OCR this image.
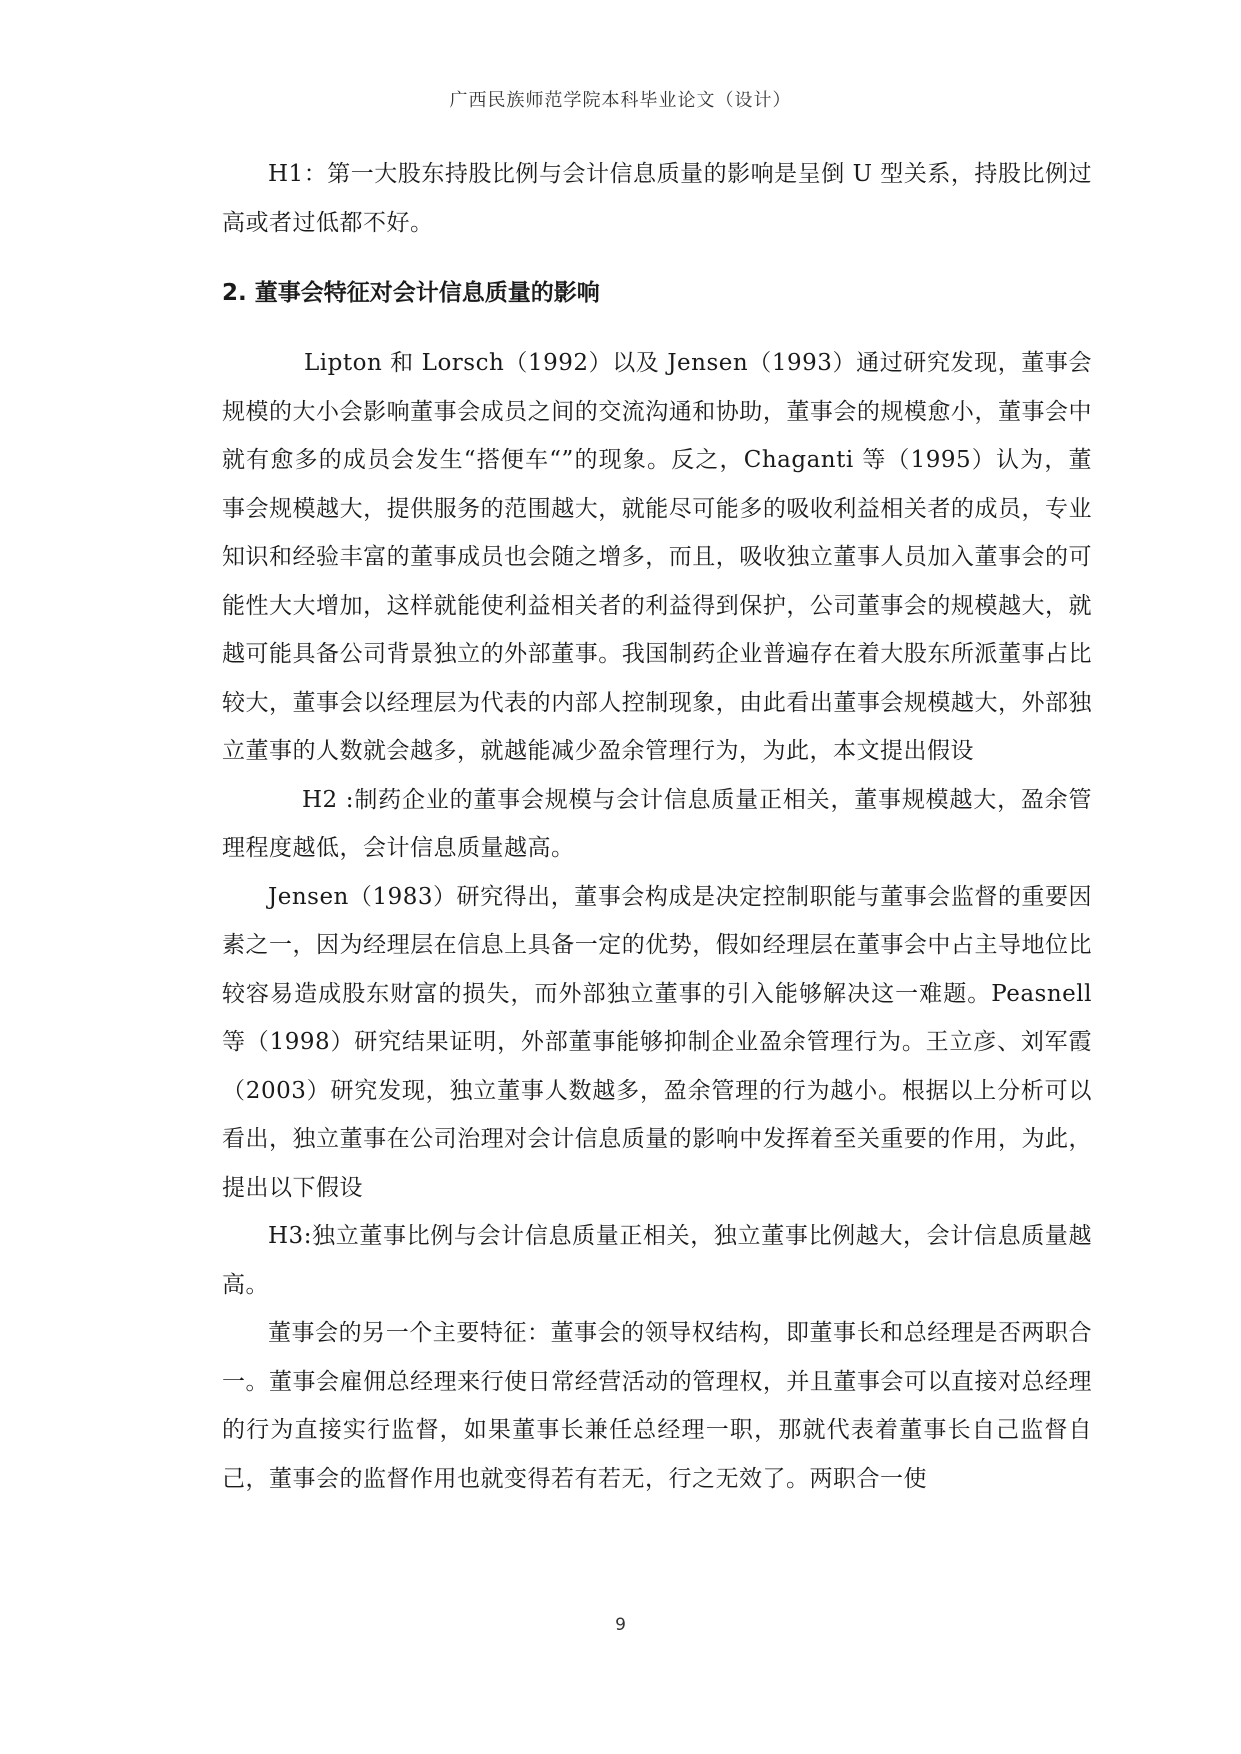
广西民族师范学院本科毕业论文（设计）

H1：第一大股东持股比例与会计信息质量的影响是呈倒 U 型关系，持股比例过高或者过低都不好。

2. 董事会特征对会计信息质量的影响

Lipton 和 Lorsch（1992）以及 Jensen（1993）通过研究发现，董事会规模的大小会影响董事会成员之间的交流沟通和协助，董事会的规模愈小，董事会中就有愈多的成员会发生“搭便车“”的现象。反之，Chaganti 等（1995）认为，董事会规模越大，提供服务的范围越大，就能尽可能多的吸收利益相关者的成员，专业知识和经验丰富的董事成员也会随之增多，而且，吸收独立董事人员加入董事会的可能性大大增加，这样就能使利益相关者的利益得到保护，公司董事会的规模越大，就越可能具备公司背景独立的外部董事。我国制药企业普遍存在着大股东所派董事占比较大，董事会以经理层为代表的内部人控制现象，由此看出董事会规模越大，外部独立董事的人数就会越多，就越能减少盈余管理行为，为此，本文提出假设

H2 :制药企业的董事会规模与会计信息质量正相关，董事规模越大，盈余管理程度越低，会计信息质量越高。

Jensen（1983）研究得出，董事会构成是决定控制职能与董事会监督的重要因素之一，因为经理层在信息上具备一定的优势，假如经理层在董事会中占主导地位比较容易造成股东财富的损失，而外部独立董事的引入能够解决这一难题。Peasnell 等（1998）研究结果证明，外部董事能够抑制企业盈余管理行为。王立彦、刘军霞（2003）研究发现，独立董事人数越多，盈余管理的行为越小。根据以上分析可以看出，独立董事在公司治理对会计信息质量的影响中发挥着至关重要的作用，为此，提出以下假设

H3:独立董事比例与会计信息质量正相关，独立董事比例越大，会计信息质量越高。

董事会的另一个主要特征：董事会的领导权结构，即董事长和总经理是否两职合一。董事会雇佣总经理来行使日常经营活动的管理权，并且董事会可以直接对总经理的行为直接实行监督，如果董事长兼任总经理一职，那就代表着董事长自己监督自己，董事会的监督作用也就变得若有若无，行之无效了。两职合一使

9
